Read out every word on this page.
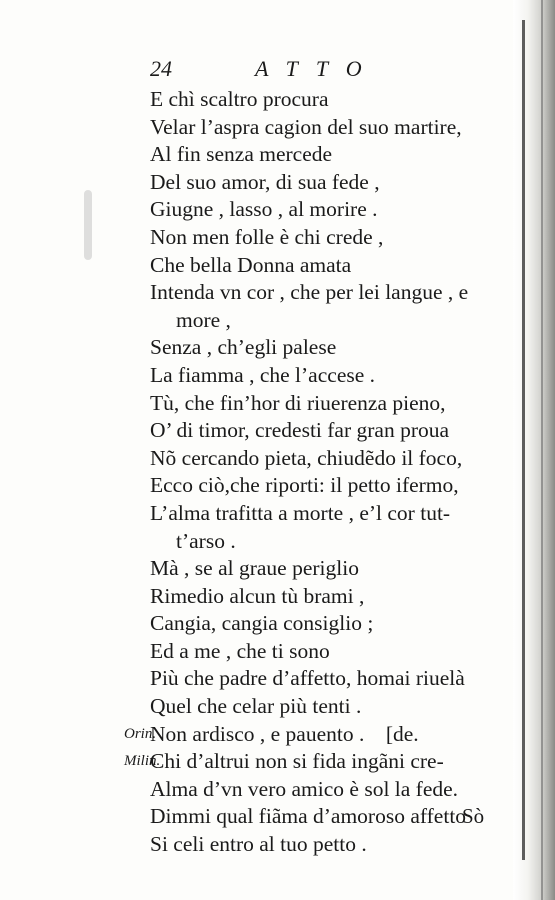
24	ATTO
E chì scaltro procura
Velar l’aspra cagion del suo martire,
Al fin senza mercede
Del suo amor, di sua fede ,
Giugne , lasso , al morire .
Non men folle è chi crede ,
Che bella Donna amata
Intenda vn cor , che per lei langue , e
more ,
Senza , ch’egli palese
La fiamma , che l’accese .
Tù, che fin’hor di riuerenza pieno,
O’ di timor, credesti far gran proua
Nõ cercando pieta, chiudẽdo il foco,
Ecco ciò,che riporti: il petto ifermo,
L’alma trafitta a morte , e’l cor tut-
t’arso .
Mà , se al graue periglio
Rimedio alcun tù brami ,
Cangia, cangia consiglio ;
Ed a me , che ti sono
Più che padre d’affetto, homai riuelà
Quel che celar più tenti .
Orin.
Non ardisco , e pauento .    [de.
Milin.
Chi d’altrui non si fida ingãni cre-
Alma d’vn vero amico è sol la fede.
Dimmi qual fiãma d’amoroso affetto
Si celi entro al tuo petto .
Sò
